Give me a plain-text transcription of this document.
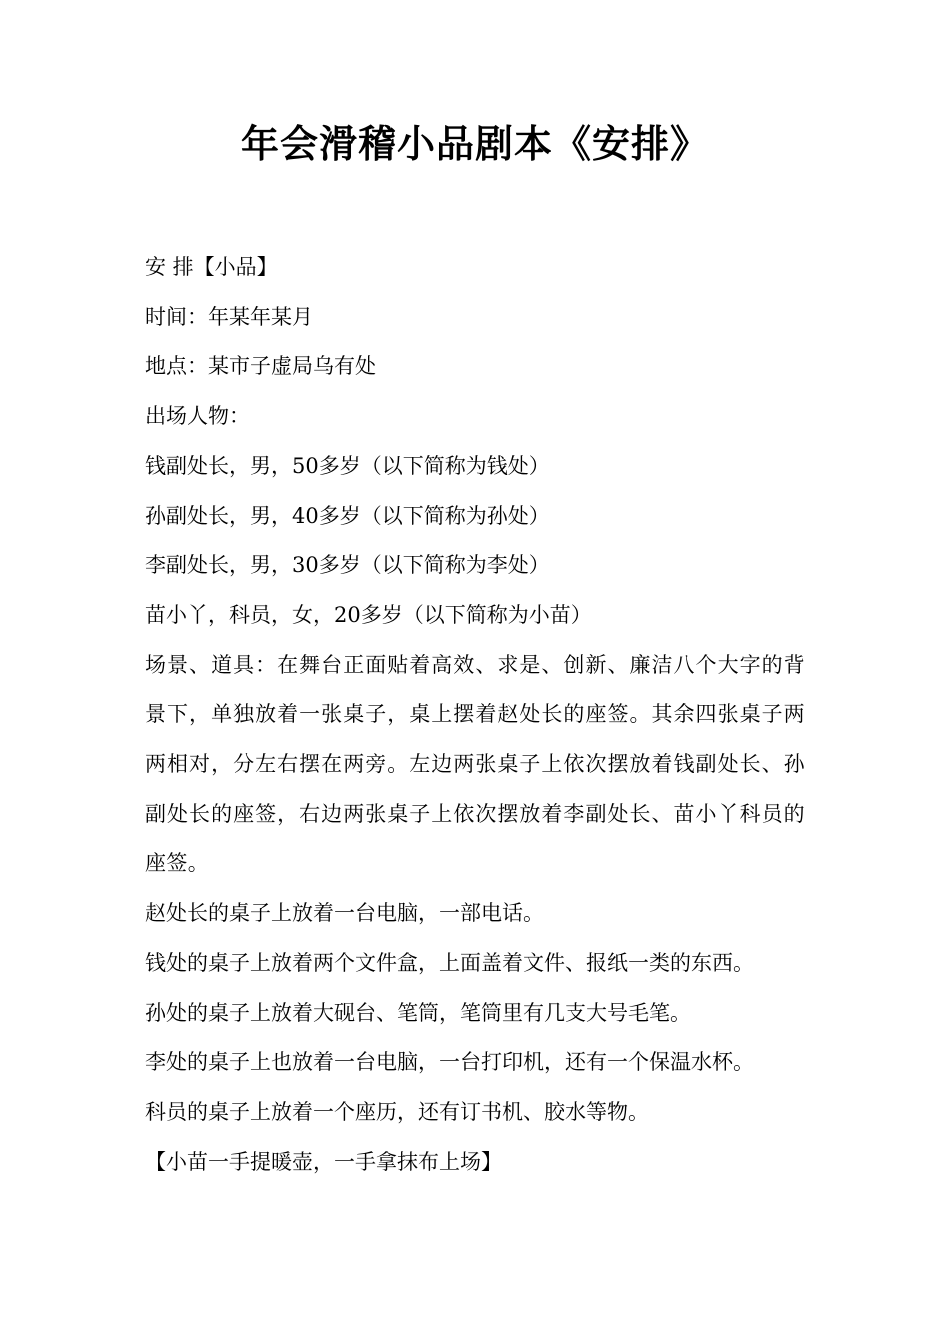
年会滑稽小品剧本《安排》

安 排【小品】

时间：年某年某月

地点：某市子虚局乌有处

出场人物：

钱副处长，男，50多岁（以下简称为钱处）

孙副处长，男，40多岁（以下简称为孙处）

李副处长，男，30多岁（以下简称为李处）

苗小丫，科员，女，20多岁（以下简称为小苗）

场景、道具：在舞台正面贴着高效、求是、创新、廉洁八个大字的背景下，单独放着一张桌子，桌上摆着赵处长的座签。其余四张桌子两两相对，分左右摆在两旁。左边两张桌子上依次摆放着钱副处长、孙副处长的座签，右边两张桌子上依次摆放着李副处长、苗小丫科员的座签。

赵处长的桌子上放着一台电脑，一部电话。

钱处的桌子上放着两个文件盒，上面盖着文件、报纸一类的东西。

孙处的桌子上放着大砚台、笔筒，笔筒里有几支大号毛笔。

李处的桌子上也放着一台电脑，一台打印机，还有一个保温水杯。

科员的桌子上放着一个座历，还有订书机、胶水等物。

【小苗一手提暖壶，一手拿抹布上场】
